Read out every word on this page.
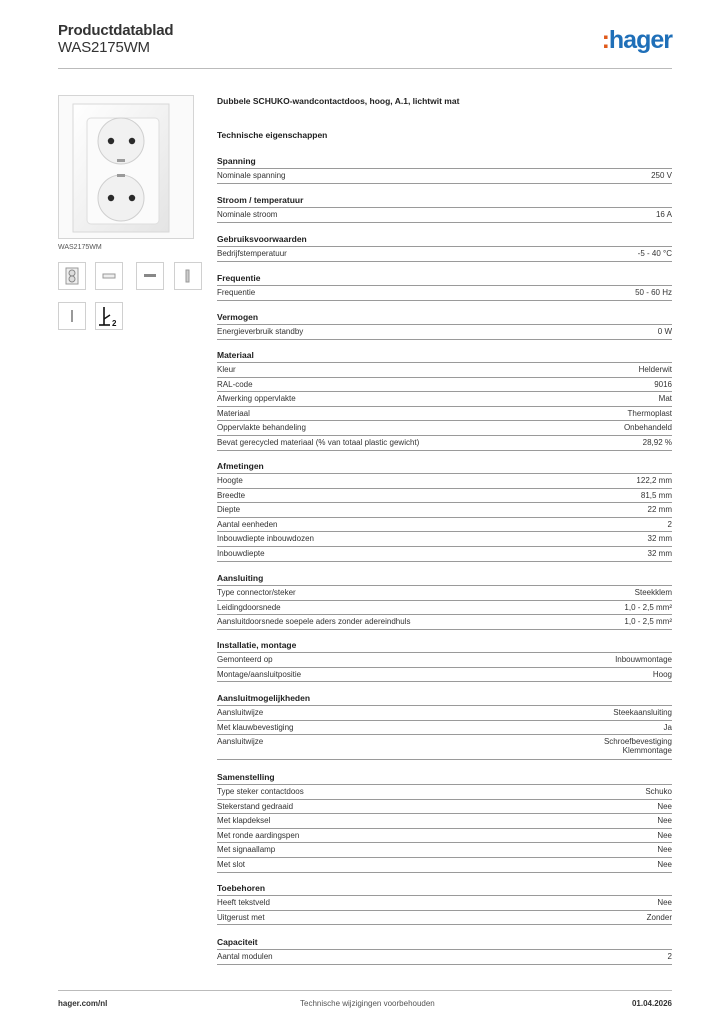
Productdatablad
WAS2175WM	:hager
WAS2175WM
2
Dubbele SCHUKO-wandcontactdoos, hoog, A.1, lichtwit mat
Technische eigenschappen
Spanning
Nominale spanning	250 V
Stroom / temperatuur
Nominale stroom	16 A
Gebruiksvoorwaarden
Bedrijfstemperatuur	-5 - 40 °C
Frequentie
Frequentie	50 - 60 Hz
Vermogen
Energieverbruik standby	0 W
Materiaal
Kleur	Helderwit
RAL-code	9016
Afwerking oppervlakte	Mat
Materiaal	Thermoplast
Oppervlakte behandeling	Onbehandeld
Bevat gerecycled materiaal (% van totaal plastic gewicht)	28,92 %
Afmetingen
Hoogte	122,2 mm
Breedte	81,5 mm
Diepte	22 mm
Aantal eenheden	2
Inbouwdiepte inbouwdozen	32 mm
Inbouwdiepte	32 mm
Aansluiting
Type connector/steker	Steekklem
Leidingdoorsnede	1,0 - 2,5 mm²
Aansluitdoorsnede soepele aders zonder adereindhuls	1,0 - 2,5 mm²
Installatie, montage
Gemonteerd op	Inbouwmontage
Montage/aansluitpositie	Hoog
Aansluitmogelijkheden
Aansluitwijze	Steekaansluiting
Met klauwbevestiging	Ja
Aansluitwijze	Schroefbevestiging
Klemmontage
Samenstelling
Type steker contactdoos	Schuko
Stekerstand gedraaid	Nee
Met klapdeksel	Nee
Met ronde aardingspen	Nee
Met signaallamp	Nee
Met slot	Nee
Toebehoren
Heeft tekstveld	Nee
Uitgerust met	Zonder
Capaciteit
Aantal modulen	2
hager.com/nl	Technische wijzigingen voorbehouden	01.04.2026
